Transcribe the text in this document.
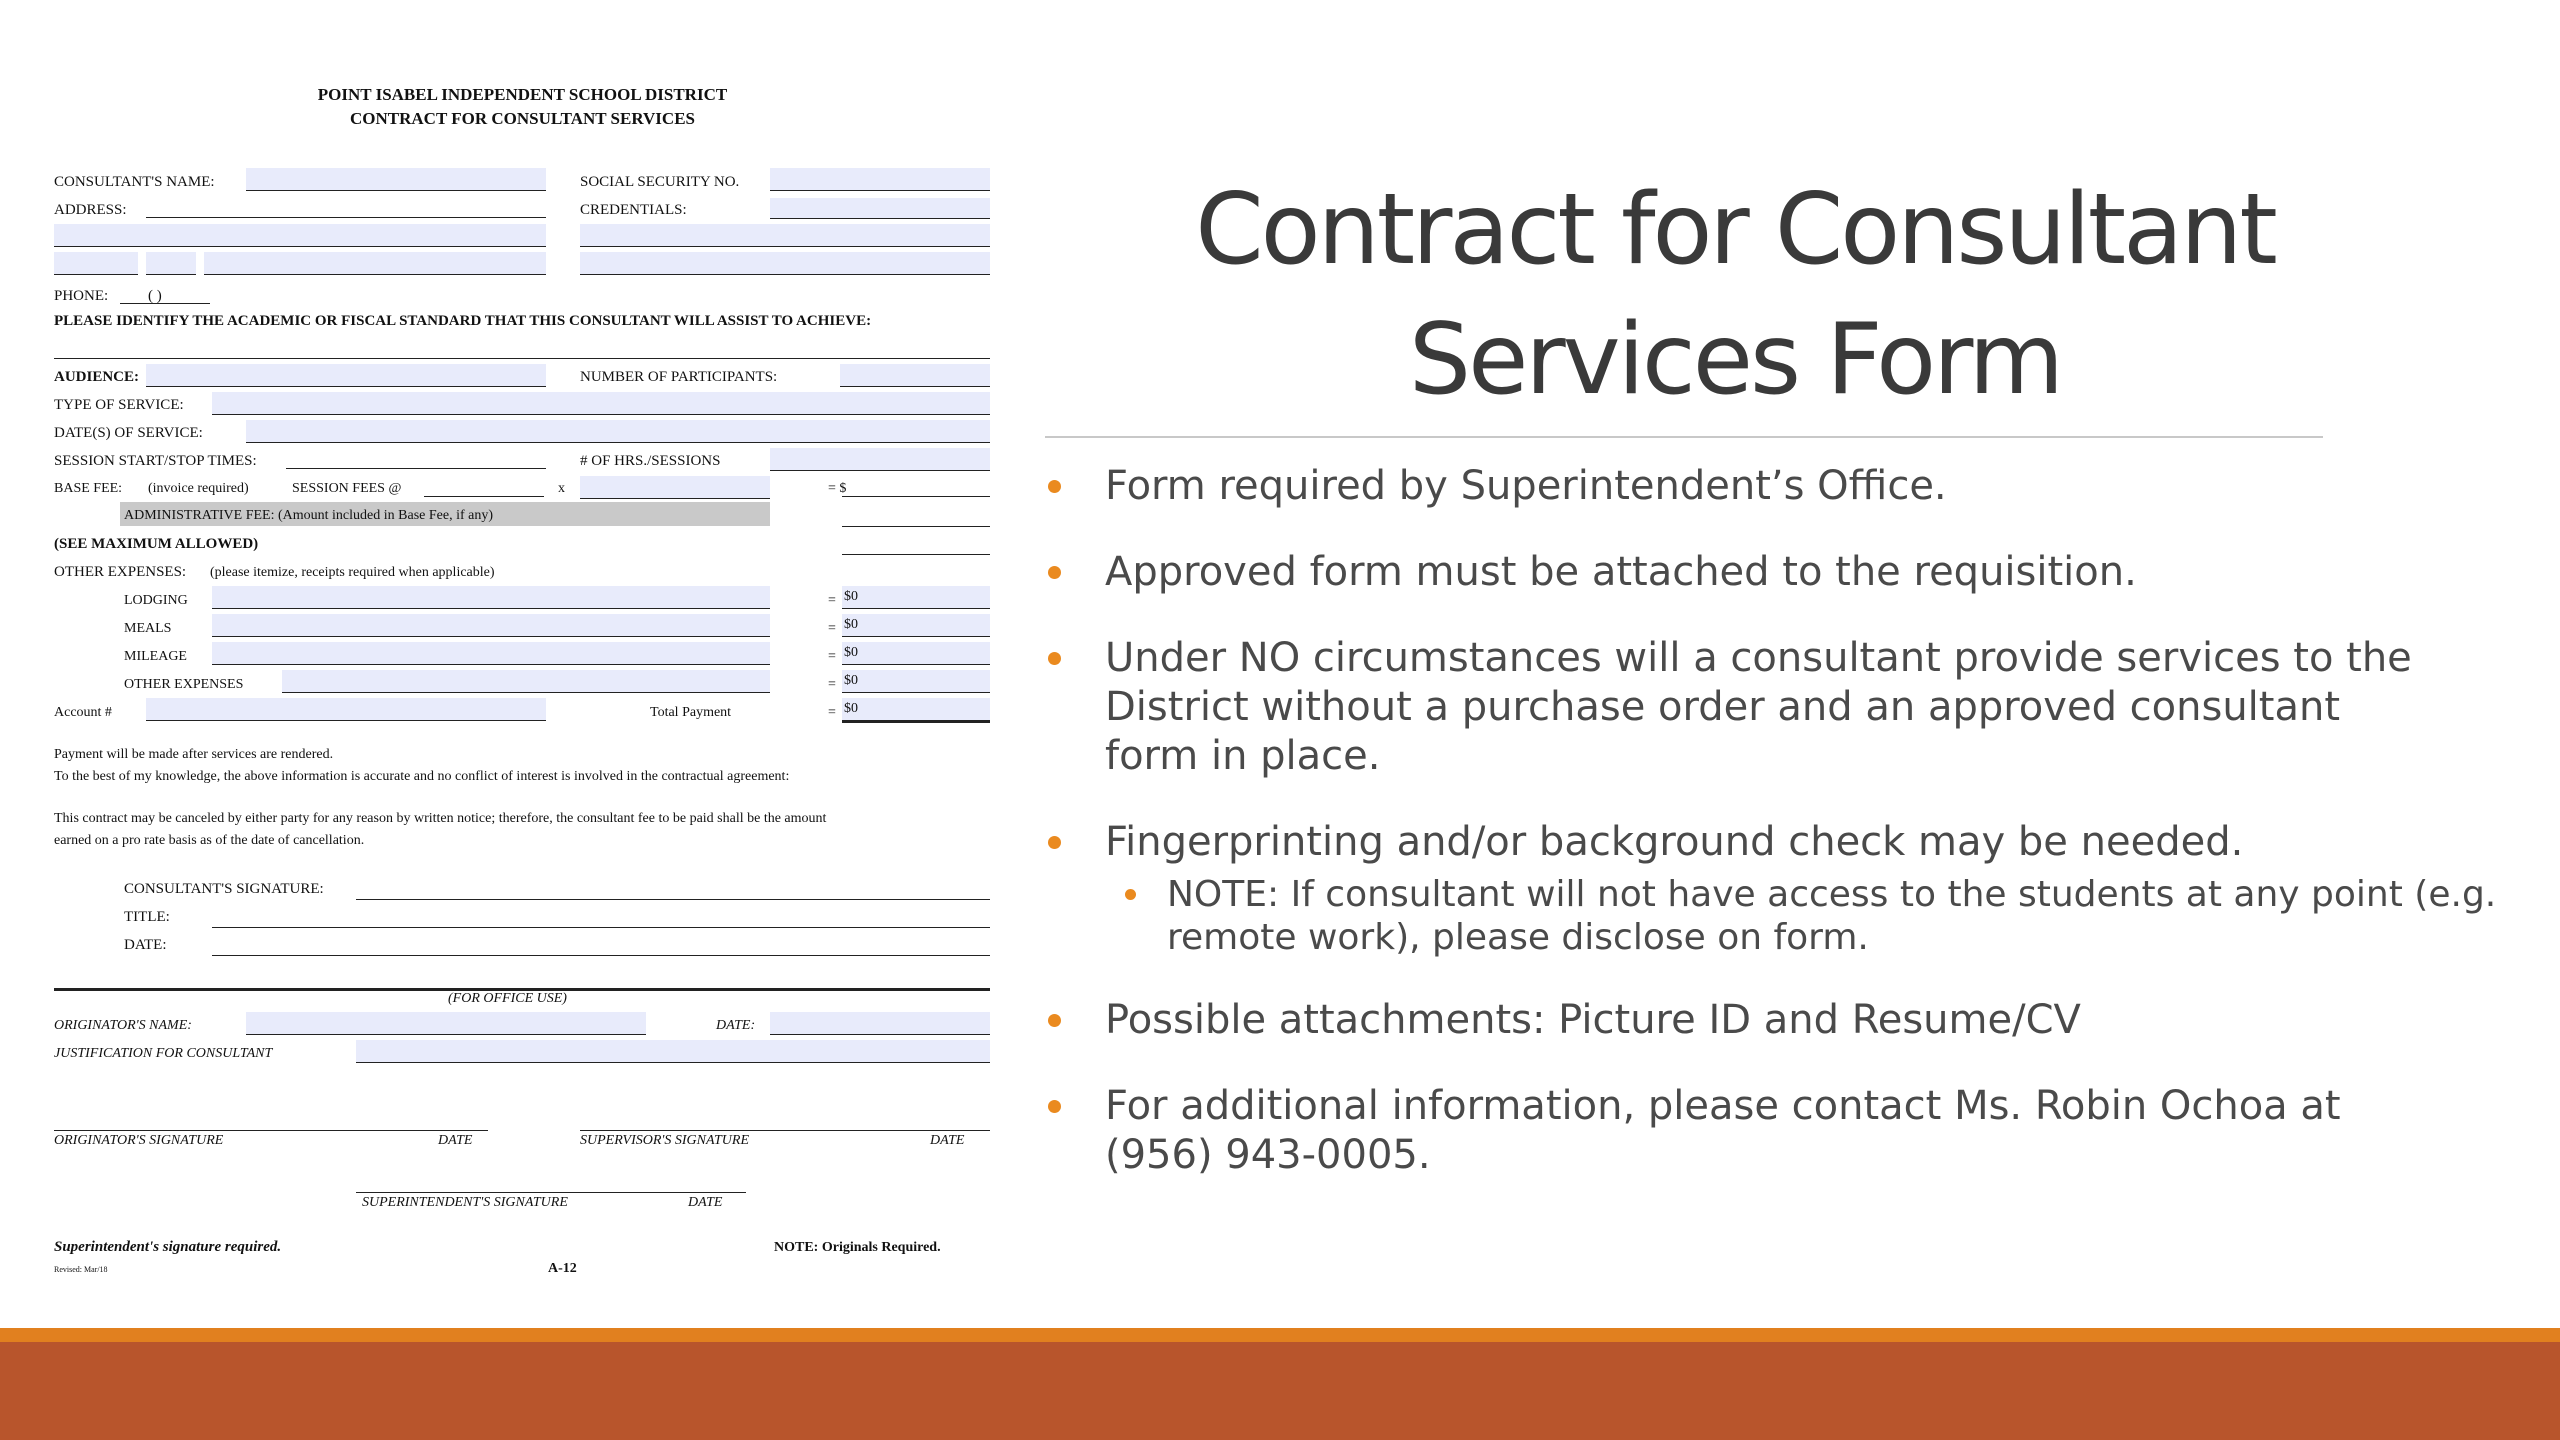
POINT ISABEL INDEPENDENT SCHOOL DISTRICT
CONTRACT FOR CONSULTANT SERVICES
CONSULTANT'S NAME:	SOCIAL SECURITY NO.
ADDRESS:	CREDENTIALS:
PHONE:	( )
PLEASE IDENTIFY THE ACADEMIC OR FISCAL STANDARD THAT THIS CONSULTANT WILL ASSIST TO ACHIEVE:
AUDIENCE:	NUMBER OF PARTICIPANTS:
TYPE OF SERVICE:
DATE(S) OF SERVICE:
SESSION START/STOP TIMES:	# OF HRS./SESSIONS
BASE FEE: (invoice required)	SESSION FEES @	x	= $
ADMINISTRATIVE FEE: (Amount included in Base Fee, if any)
(SEE MAXIMUM ALLOWED)
OTHER EXPENSES: (please itemize, receipts required when applicable)
LODGING	= $0
MEALS	= $0
MILEAGE	= $0
OTHER EXPENSES	= $0
Account #	Total Payment	= $0
Payment will be made after services are rendered.
To the best of my knowledge, the above information is accurate and no conflict of interest is involved in the contractual agreement:
This contract may be canceled by either party for any reason by written notice; therefore, the consultant fee to be paid shall be the amount
earned on a pro rate basis as of the date of cancellation.
CONSULTANT'S SIGNATURE:
TITLE:
DATE:
(FOR OFFICE USE)
ORIGINATOR'S NAME:	DATE:
JUSTIFICATION FOR CONSULTANT
ORIGINATOR'S SIGNATURE	DATE	SUPERVISOR'S SIGNATURE	DATE
SUPERINTENDENT'S SIGNATURE	DATE
Superintendent's signature required.	NOTE: Originals Required.
Revised: Mar/18	A-12
Contract for Consultant
Services Form
Form required by Superintendent’s Office.
Approved form must be attached to the requisition.
Under NO circumstances will a consultant provide services to the District without a purchase order and an approved consultant form in place.
Fingerprinting and/or background check may be needed.
NOTE: If consultant will not have access to the students at any point (e.g. remote work), please disclose on form.
Possible attachments: Picture ID and Resume/CV
For additional information, please contact Ms. Robin Ochoa at (956) 943-0005.
